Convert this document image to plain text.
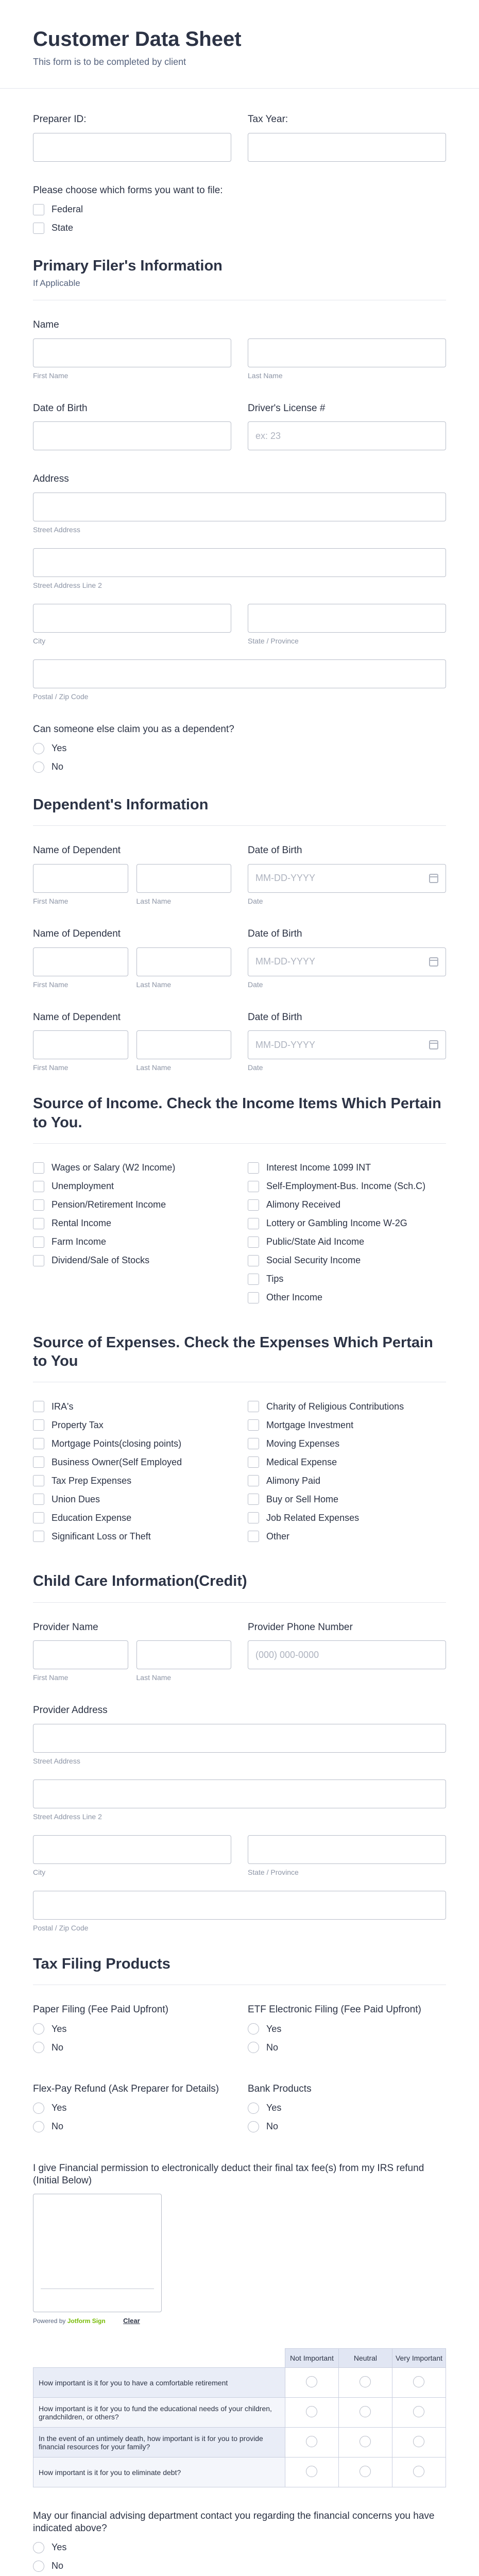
Customer Data Sheet
This form is to be completed by client
Preparer ID:	Tax Year:
Please choose which forms you want to file:
Federal
State
Primary Filer's Information
If Applicable
Name
First Name	Last Name
Date of Birth	Driver's License #
ex: 23
Address
Street Address
Street Address Line 2
City	State / Province
Postal / Zip Code
Can someone else claim you as a dependent?
Yes
No
Dependent's Information
Name of Dependent
First Name	Last Name
Date of Birth
MM-DD-YYYY
Date
Name of Dependent
First Name	Last Name
Date of Birth
MM-DD-YYYY
Date
Name of Dependent
First Name	Last Name
Date of Birth
MM-DD-YYYY
Date
Source of Income. Check the Income Items Which Pertain to You.
Wages or Salary (W2 Income)
Unemployment
Pension/Retirement Income
Rental Income
Farm Income
Dividend/Sale of Stocks
Interest Income 1099 INT
Self-Employment-Bus. Income (Sch.C)
Alimony Received
Lottery or Gambling Income W-2G
Public/State Aid Income
Social Security Income
Tips
Other Income
Source of Expenses. Check the Expenses Which Pertain to You
IRA's
Property Tax
Mortgage Points(closing points)
Business Owner(Self Employed
Tax Prep Expenses
Union Dues
Education Expense
Significant Loss or Theft
Charity of Religious Contributions
Mortgage Investment
Moving Expenses
Medical Expense
Alimony Paid
Buy or Sell Home
Job Related Expenses
Other
Child Care Information(Credit)
Provider Name
First Name	Last Name
Provider Phone Number
(000) 000-0000
Provider Address
Street Address
Street Address Line 2
City	State / Province
Postal / Zip Code
Tax Filing Products
Paper Filing (Fee Paid Upfront)
Yes
No
ETF Electronic Filing (Fee Paid Upfront)
Yes
No
Flex-Pay Refund (Ask Preparer for Details)
Yes
No
Bank Products
Yes
No
I give Financial permission to electronically deduct their final tax fee(s) from my IRS refund (Initial Below)
Powered by Jotform Sign	Clear
	Not Important	Neutral	Very Important
How important is it for you to have a comfortable retirement			
How important is it for you to fund the educational needs of your children, grandchildren, or others?			
In the event of an untimely death, how important is it for you to provide financial resources for your family?			
How important is it for you to eliminate debt?			
May our financial advising department contact you regarding the financial concerns you have indicated above?
Yes
No
